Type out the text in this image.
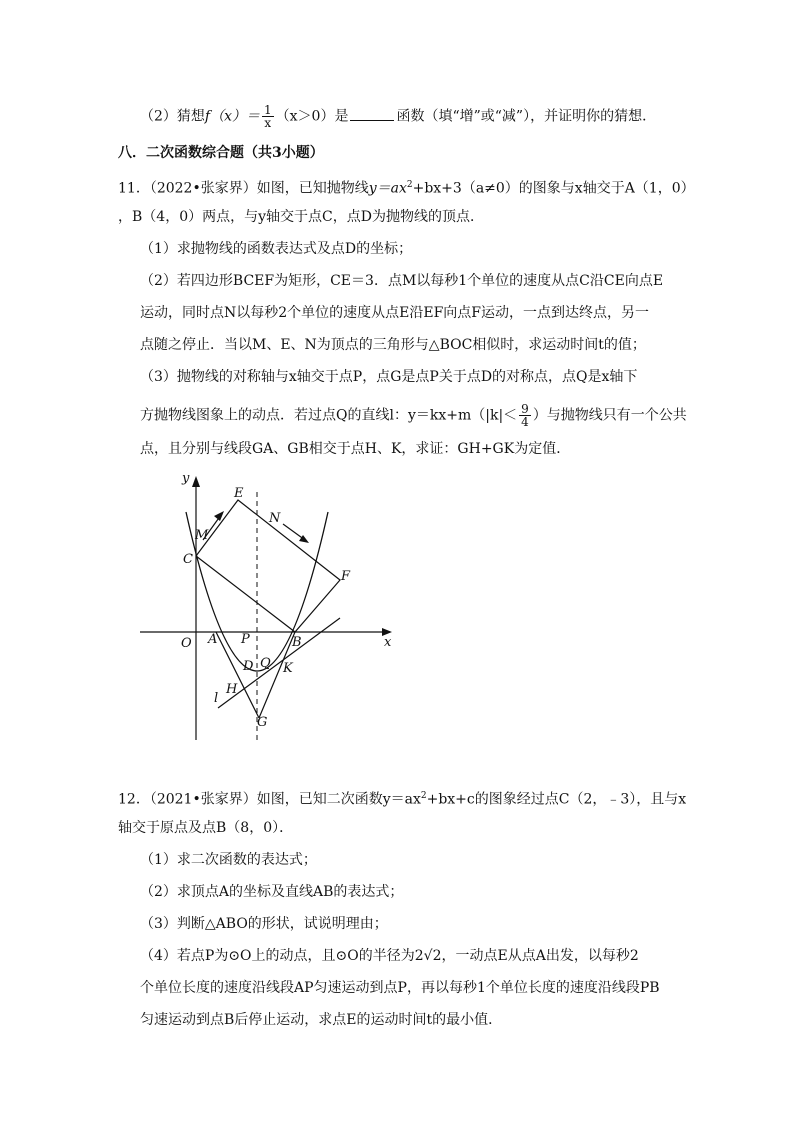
（2）猜想$f(x)= \frac{1}{x} (x>0)$是	函数（填“增”或“减”），并证明你的猜想．
八．二次函数综合题（共3小题）
11．（2022•张家界）如图，已知抛物线$y=ax^2+bx+3(a\ne 0)$的图象与x轴交于A（1，0）
，B（4，0）两点，与y轴交于点C，点D为抛物线的顶点．
（1）求抛物线的函数表达式及点D的坐标；
（2）若四边形BCEF为矩形，CE＝3．点M以每秒1个单位的速度从点C沿CE向点E
运动，同时点N以每秒2个单位的速度从点E沿EF向点F运动，一点到达终点，另一
点随之停止．当以M、E、N为顶点的三角形与△BOC相似时，求运动时间t的值；
（3）抛物线的对称轴与x轴交于点P，点G是点P关于点D的对称点，点Q是x轴下
方抛物线图象上的动点．若过点Q的直线l：$y=kx+m(|k|< \frac{9}{4}$ ）与抛物线只有一个公共
点，且分别与线段GA、GB相交于点H、K，求证：GH+GK为定值．
y
x
O A P	B
C
E
F
M
N
D Q K
H
l
G
12．（2021•张家界）如图，已知二次函数$y=ax^2+bx+c$的图象经过点C（2，﹣3），且与x
轴交于原点及点B（8，0）．
（1）求二次函数的表达式；
（2）求顶点A的坐标及直线AB的表达式；
（3）判断△ABO的形状，试说明理由；
（4）若点P为⊙O上的动点，且⊙O的半径为2√2，一动点E从点A出发，以每秒2
个单位长度的速度沿线段AP匀速运动到点P，再以每秒1个单位长度的速度沿线段PB
匀速运动到点B后停止运动，求点E的运动时间t的最小值．
